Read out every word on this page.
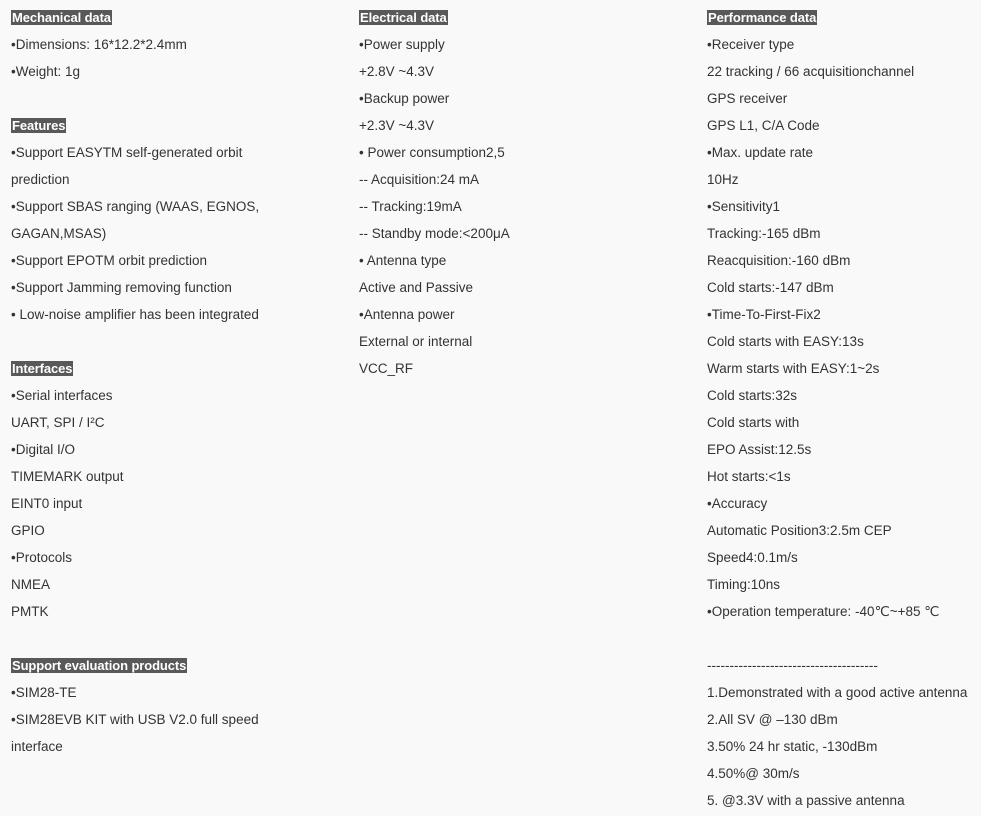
Mechanical data
•Dimensions: 16*12.2*2.4mm
•Weight: 1g
Features
•Support EASYTM self-generated orbit
prediction
•Support SBAS ranging (WAAS, EGNOS,
GAGAN,MSAS)
•Support EPOTM orbit prediction
•Support Jamming removing function
• Low-noise amplifier has been integrated
Interfaces
•Serial interfaces
UART, SPI / I²C
•Digital I/O
TIMEMARK output
EINT0 input
GPIO
•Protocols
NMEA
PMTK
Support evaluation products
•SIM28-TE
•SIM28EVB KIT with USB V2.0 full speed
interface
Electrical data
•Power supply
+2.8V ~4.3V
•Backup power
+2.3V ~4.3V
• Power consumption2,5
-- Acquisition:24 mA
-- Tracking:19mA
-- Standby mode:<200μA
• Antenna type
Active and Passive
•Antenna power
External or internal
VCC_RF
Performance data
•Receiver type
22 tracking / 66 acquisitionchannel
GPS receiver
GPS L1, C/A Code
•Max. update rate
10Hz
•Sensitivity1
Tracking:-165 dBm
Reacquisition:-160 dBm
Cold starts:-147 dBm
•Time-To-First-Fix2
Cold starts with EASY:13s
Warm starts with EASY:1~2s
Cold starts:32s
Cold starts with
EPO Assist:12.5s
Hot starts:<1s
•Accuracy
Automatic Position3:2.5m CEP
Speed4:0.1m/s
Timing:10ns
•Operation temperature: -40℃~+85 ℃
--------------------------------------
1.Demonstrated with a good active antenna
2.All SV @ –130 dBm
3.50% 24 hr static, -130dBm
4.50%@ 30m/s
5. @3.3V with a passive antenna
